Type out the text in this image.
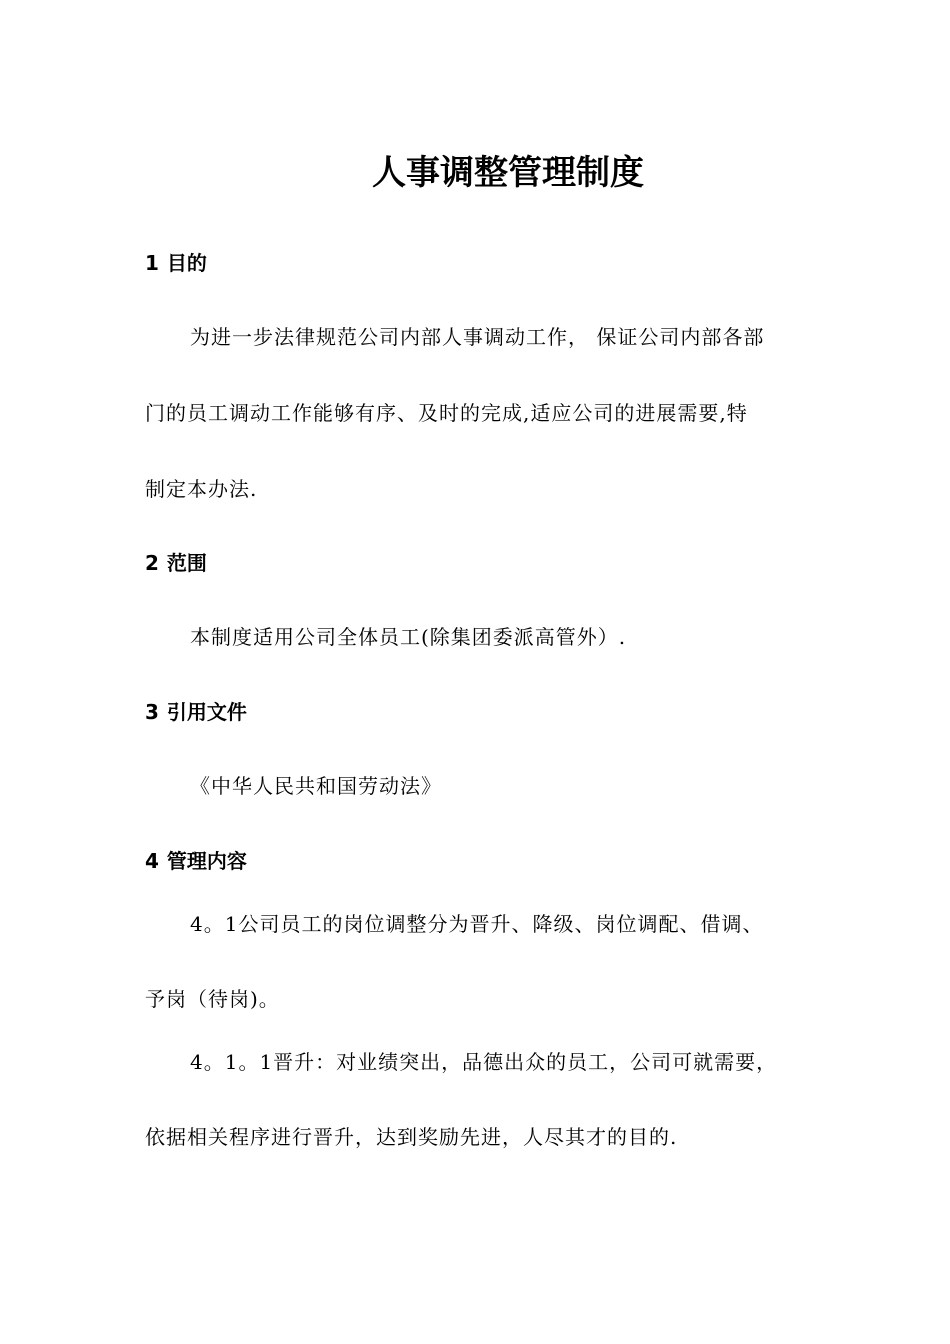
人事调整管理制度
1 目的
为进一步法律规范公司内部人事调动工作， 保证公司内部各部
门的员工调动工作能够有序、及时的完成,适应公司的进展需要,特
制定本办法.
2 范围
本制度适用公司全体员工(除集团委派高管外）.
3 引用文件
《中华人民共和国劳动法》
4 管理内容
4。1公司员工的岗位调整分为晋升、降级、岗位调配、借调、
予岗（待岗)。
4。1。1晋升：对业绩突出，品德出众的员工，公司可就需要，
依据相关程序进行晋升，达到奖励先进，人尽其才的目的.
